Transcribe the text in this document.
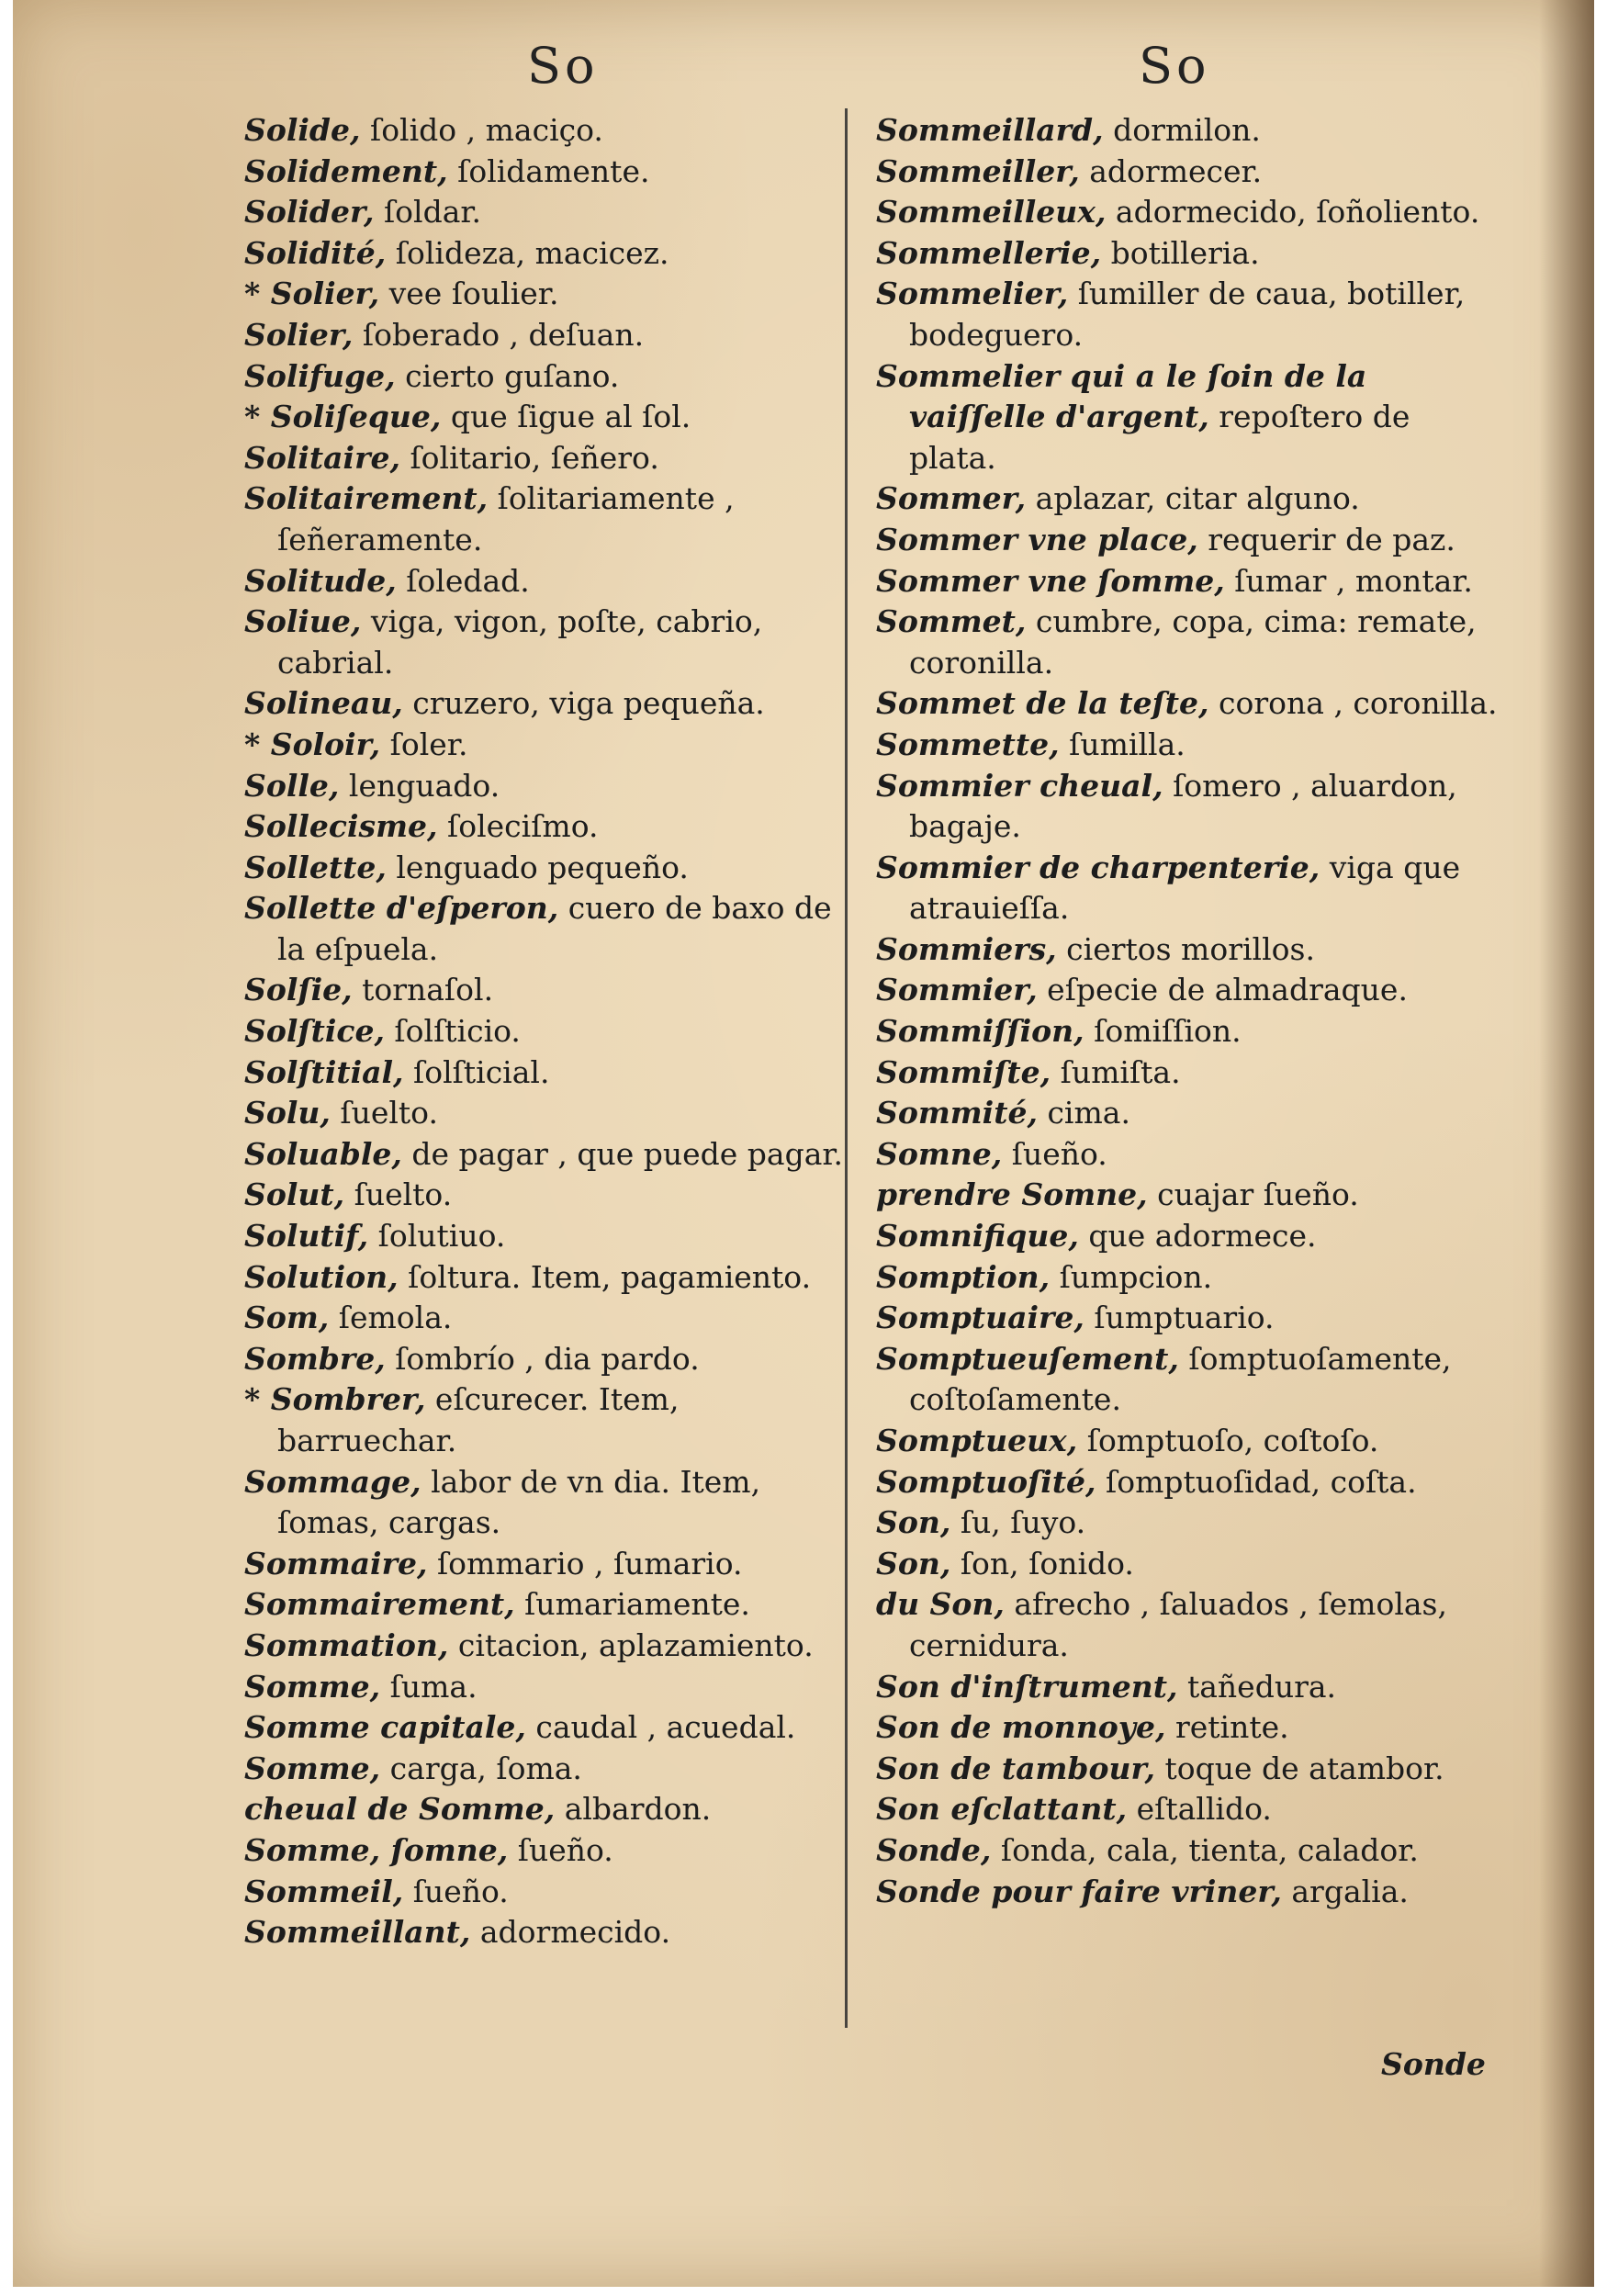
So	So
Solide, ſolido , maciço.
Solidement, ſolidamente.
Solider, ſoldar.
Solidité, ſolideza, macicez.
* Solier, vee ſoulier.
Solier, ſoberado , deſuan.
Solifuge, cierto guſano.
* Soliſeque, que ſigue al ſol.
Solitaire, ſolitario, ſeñero.
Solitairement, ſolitariamente , ſeñeramente.
Solitude, ſoledad.
Soliue, viga, vigon, poſte, cabrio, cabrial.
Solineau, cruzero, viga pequeña.
* Soloir, ſoler.
Solle, lenguado.
Sollecisme, ſoleciſmo.
Sollette, lenguado pequeño.
Sollette d'eſperon, cuero de baxo de la eſpuela.
Solſie, tornaſol.
Solſtice, ſolſticio.
Solſtitial, ſolſticial.
Solu, ſuelto.
Soluable, de pagar , que puede pagar.
Solut, ſuelto.
Solutif, ſolutiuo.
Solution, ſoltura. Item, pagamiento.
Som, ſemola.
Sombre, ſombrío , dia pardo.
* Sombrer, eſcurecer. Item, barruechar.
Sommage, labor de vn dia. Item, ſomas, cargas.
Sommaire, ſommario , ſumario.
Sommairement, ſumariamente.
Sommation, citacion, aplazamiento.
Somme, ſuma.
Somme capitale, caudal , acuedal.
Somme, carga, ſoma.
cheual de Somme, albardon.
Somme, ſomne, ſueño.
Sommeil, ſueño.
Sommeillant, adormecido.
Sommeillard, dormilon.
Sommeiller, adormecer.
Sommeilleux, adormecido, ſoñoliento.
Sommellerie, botilleria.
Sommelier, ſumiller de caua, botiller, bodeguero.
Sommelier qui a le ſoin de la vaiſſelle d'argent, repoſtero de plata.
Sommer, aplazar, citar alguno.
Sommer vne place, requerir de paz.
Sommer vne ſomme, ſumar , montar.
Sommet, cumbre, copa, cima: remate, coronilla.
Sommet de la teſte, corona , coronilla.
Sommette, ſumilla.
Sommier cheual, ſomero , aluardon, bagaje.
Sommier de charpenterie, viga que atrauieſſa.
Sommiers, ciertos morillos.
Sommier, eſpecie de almadraque.
Sommiſſion, ſomiſſion.
Sommiſte, ſumiſta.
Sommité, cima.
Somne, ſueño.
prendre Somne, cuajar ſueño.
Somnifique, que adormece.
Somption, ſumpcion.
Somptuaire, ſumptuario.
Somptueuſement, ſomptuoſamente, coſtoſamente.
Somptueux, ſomptuoſo, coſtoſo.
Somptuoſité, ſomptuoſidad, coſta.
Son, ſu, ſuyo.
Son, ſon, ſonido.
du Son, afrecho , ſaluados , ſemolas, cernidura.
Son d'inſtrument, tañedura.
Son de monnoye, retinte.
Son de tambour, toque de atambor.
Son eſclattant, eſtallido.
Sonde, ſonda, cala, tienta, calador.
Sonde pour faire vriner, argalia.
Sonde
